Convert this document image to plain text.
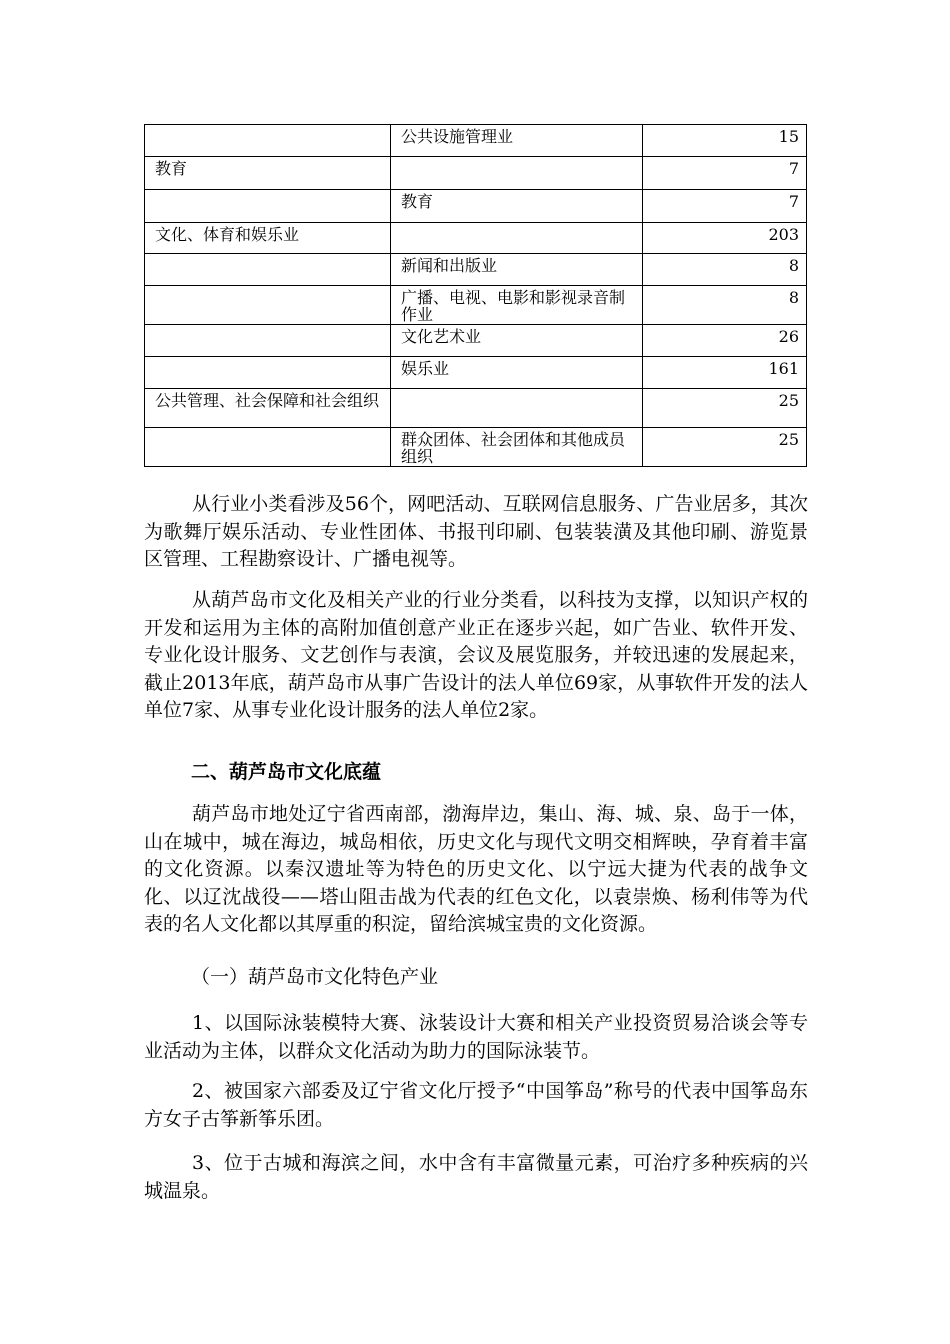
	公共设施管理业	15
教育		7
	教育	7
文化、体育和娱乐业		203
	新闻和出版业	8
	广播、电视、电影和影视录音制作业	8
	文化艺术业	26
	娱乐业	161
公共管理、社会保障和社会组织		25
	群众团体、社会团体和其他成员组织	25

从行业小类看涉及56个，网吧活动、互联网信息服务、广告业居多，其次为歌舞厅娱乐活动、专业性团体、书报刊印刷、包装装潢及其他印刷、游览景区管理、工程勘察设计、广播电视等。

从葫芦岛市文化及相关产业的行业分类看，以科技为支撑，以知识产权的开发和运用为主体的高附加值创意产业正在逐步兴起，如广告业、软件开发、专业化设计服务、文艺创作与表演，会议及展览服务，并较迅速的发展起来，截止2013年底，葫芦岛市从事广告设计的法人单位69家，从事软件开发的法人单位7家、从事专业化设计服务的法人单位2家。

二、葫芦岛市文化底蕴

葫芦岛市地处辽宁省西南部，渤海岸边，集山、海、城、泉、岛于一体，山在城中，城在海边，城岛相依，历史文化与现代文明交相辉映，孕育着丰富的文化资源。以秦汉遗址等为特色的历史文化、以宁远大捷为代表的战争文化、以辽沈战役——塔山阻击战为代表的红色文化，以袁崇焕、杨利伟等为代表的名人文化都以其厚重的积淀，留给滨城宝贵的文化资源。

（一）葫芦岛市文化特色产业

1、以国际泳装模特大赛、泳装设计大赛和相关产业投资贸易洽谈会等专业活动为主体，以群众文化活动为助力的国际泳装节。

2、被国家六部委及辽宁省文化厅授予“中国筝岛”称号的代表中国筝岛东方女子古筝新筝乐团。

3、位于古城和海滨之间，水中含有丰富微量元素，可治疗多种疾病的兴城温泉。
